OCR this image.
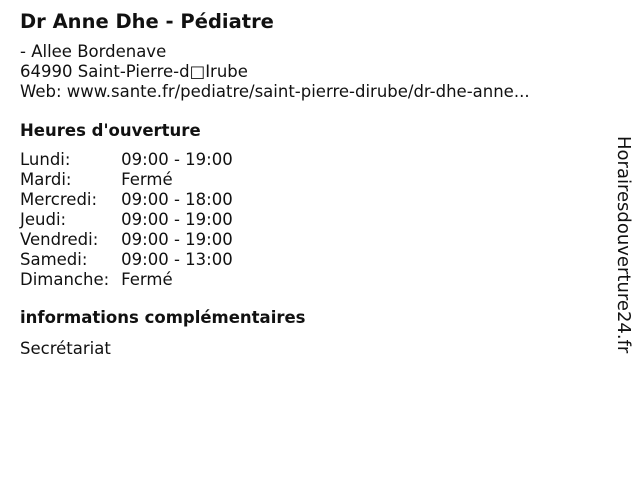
Dr Anne Dhe - Pédiatre
- Allee Bordenave
64990 Saint-Pierre-d□Irube
Web: www.sante.fr/pediatre/saint-pierre-dirube/dr-dhe-anne...
Heures d'ouverture
Lundi:	09:00 - 19:00
Mardi:	Fermé
Mercredi:	09:00 - 18:00
Jeudi:	09:00 - 19:00
Vendredi:	09:00 - 19:00
Samedi:	09:00 - 13:00
Dimanche:	Fermé
informations complémentaires
Secrétariat	Horairesdouverture24.fr
